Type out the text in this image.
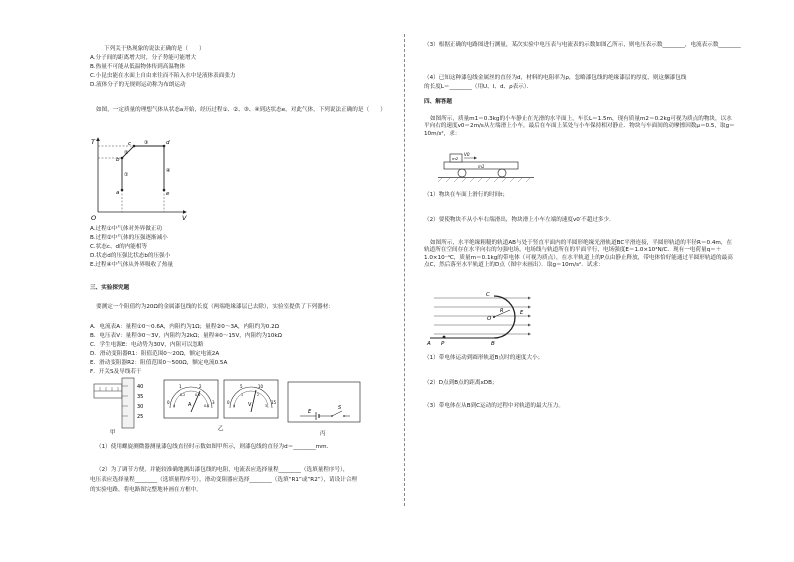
下列关于热现象的说法正确的是（　　）
A.分子间的距离增大时，分子势能可能增大
B.热量不可能从低温物体传到高温物体
C.小昆虫能在水面上自由来往而不陷入水中是液体表面张力
D.液体分子的无规则运动称为布朗运动
如图，一定质量的理想气体从状态a开始，经历过程①、②、③、④到达状态e。对此气体，下列说法正确的是（　　）
T
V
O
a
b
c	d
e
①
②
③
④
A.过程①中气体对外界做正功
B.过程②中气体的压强逐渐减小
C.状态c、d的内能相等
D.状态d的压强比状态b的压强小
E.过程④中气体从外界吸收了热量
三、实验探究题
要测定一个阻值约为20Ω的金属漆包线的长度（两端绝缘漆层已去除），实验室提供了下列器材：
A．电流表A：量程①0～0.6A，内阻约为1Ω；量程②0～3A，内阻约为0.2Ω
B．电压表V：量程③0～3V，内阻约为2kΩ；量程④0～15V，内阻约为10kΩ
C．学生电源E：电动势为30V，内阻可以忽略
D．滑动变阻器R1：阻值范围0～20Ω，额定电流2A
E．滑动变阻器R2：阻值范围0～500Ω，额定电流0.5A
F．开关S及导线若干
40
35
30
25
甲
0
1	2
3
0
0.2	0.4
0.6
A	0
5	10
15
0
1	2
3
V
乙
E
S
丙
（1）使用螺旋测微器测量漆包线直径时示数如图甲所示，则漆包线的直径为d＝________mm．
（2）为了调节方便，并能较准确地测出漆包线的电阻，电流表应选择量程________（选填量程序号），
电压表应选择量程________（选填量程序号），滑动变阻器应选择________（选填“R1”或“R2”），请设计合理
的实验电路，将电路图完整地补画在方框中。
（3）根据正确的电路图进行测量，某次实验中电压表与电流表的示数如图乙所示，则电压表示数________，电流表示数________
（4）已知这种漆包线金属丝的直径为d，材料的电阻率为ρ，忽略漆包线的绝缘漆层的厚度，则这捆漆包线
的长度L＝________（用U、I、d、ρ表示）．
四、解答题
如图所示，质量m1＝0.3kg的小车静止在光滑的水平面上，车长L＝1.5m，现有质量m2＝0.2kg可视为质点的物块，以水平向右的速度v0＝2m/s从左端滑上小车，最后在车面上某处与小车保持相对静止．物块与车面间的动摩擦因数μ＝0.5，取g＝10m/s²，求：
V0
m2
m1
（1）物块在车面上滑行的时间t；
（2）要使物块不从小车右端滑出，物块滑上小车左端的速度v0′不超过多少．
如图所示，水平绝缘粗糙的轨道AB与处于竖直平面内的半圆形绝缘光滑轨道BC平滑连接，半圆形轨道的半径R＝0.4m，在轨道所在空间存在水平向右的匀强电场，电场线与轨道所在的平面平行，电场强度E＝1.0×10⁴N/C．现有一电荷量q＝＋1.0×10⁻⁴C，质量m＝0.1kg的带电体（可视为质点），在水平轨道上的P点由静止释放，带电体恰好能通过半圆形轨道的最高点C，然后落至水平轨道上的D点（图中未画出）．取g＝10m/s²．试求：
C
O
R	E
A P	B
（1）带电体运动到圆形轨道B点时的速度大小；
（2）D点到B点的距离xDB；
（3）带电体在从B到C运动的过程中对轨道的最大压力。
